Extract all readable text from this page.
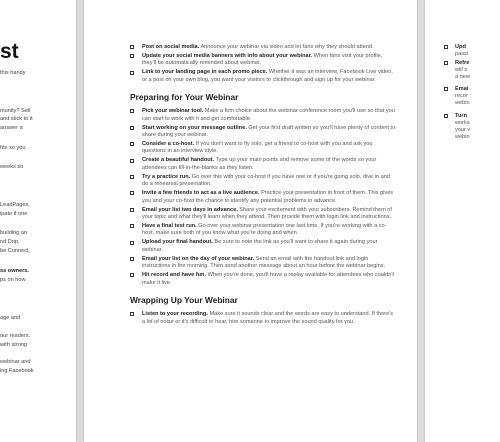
st
this handy
munity? Sell
and stick to it
answer a
hts so you
weeks so
LeadPages,
ipate if one
building an
nd Drip,
be Connect,
ss owners.
ps on how
age and
our readers.
with strong
webinar and
ing Facebook
Post on social media. Announce your webinar via video and let fans why they should attend.
Update your social media banners with info about your webinar. When fans visit your profile, they'll be automatically reminded about webinar.
Link to your landing page in each promo piece. Whether it was an interview, Facebook Live video, or a post on your own blog, you want your visitors to clickthrough and sign up for your webinar.
Preparing for Your Webinar
Pick your webinar tool. Make a firm choice about the webinar conference room you'll use so that you can start to work with it and get comfortable.
Start working on your message outline. Get your first draft written so you'll have plenty of content to share during your webinar.
Consider a co-host. If you don't want to fly solo, get a friend to co-host with you and ask you questions in an interview style.
Create a beautiful handout. Type up your main points and remove some of the words so your attendees can fill-in-the-blanks as they listen.
Try a practice run. Go over this with your co-host if you have one or if you're going solo, dive in and do a rehearsal presentation.
Invite a few friends to act as a live audience. Practice your presentation in front of them. This gives you and your co-host the chance to identify any potential problems in advance.
Email your list two days in advance. Share your excitement with your subscribers. Remind them of your topic and what they'll learn when they attend. Then provide them with login link and instructions.
Have a final test run. Go over your webinar presentation one last time. If you're working with a co-host, make sure both of you know what you're doing and when.
Upload your final handout. Be sure to note the link as you'll want to share it again during your webinar.
Email your list on the day of your webinar. Send an email with the handout link and login instructions in the morning. Then send another message about an hour before the webinar begins.
Hit record and have fun. When you're done, you'll have a replay available for attendees who couldn't make it live.
Wrapping Up Your Webinar
Listen to your recording. Make sure it sounds clear and the words are easy to understand. If there's a lot of noise or it's difficult to hear, hire someone to improve the sound quality for you.
Upd
passi
Refre
will s
a new
Emai
recor
webin
Turn
works
your v
webin
